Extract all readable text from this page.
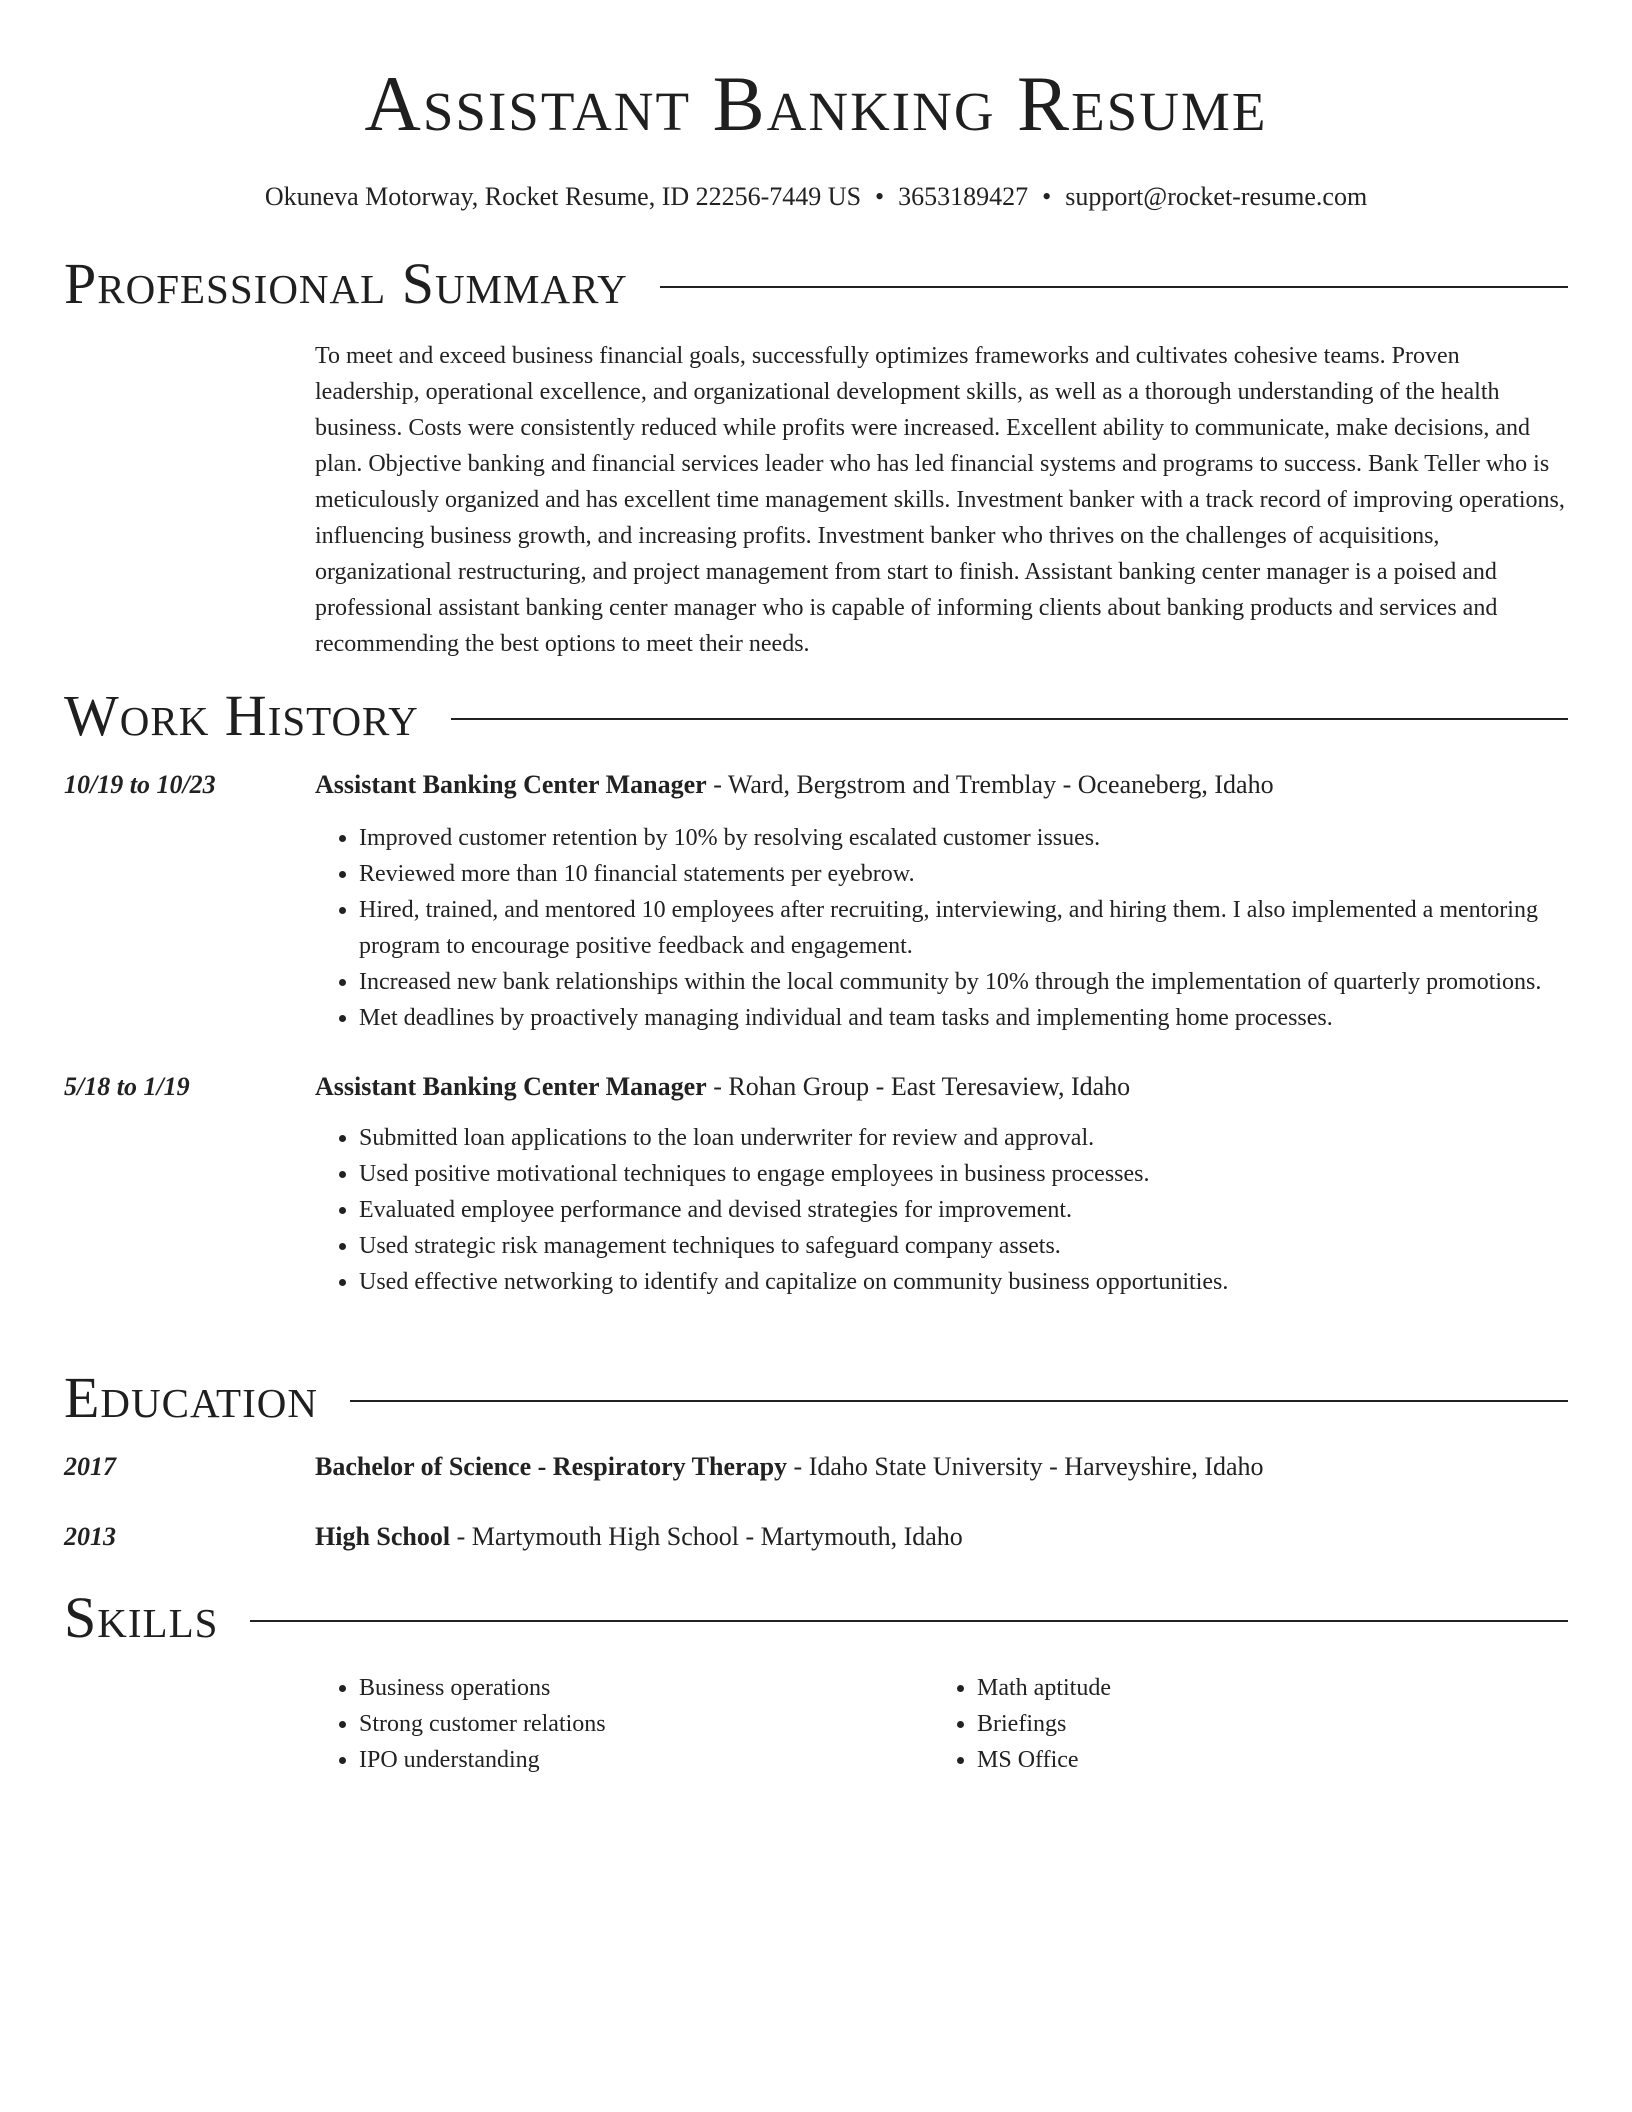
Assistant Banking Resume
Okuneva Motorway, Rocket Resume, ID 22256-7449 US • 3653189427 • support@rocket-resume.com
Professional Summary
To meet and exceed business financial goals, successfully optimizes frameworks and cultivates cohesive teams. Proven leadership, operational excellence, and organizational development skills, as well as a thorough understanding of the health business. Costs were consistently reduced while profits were increased. Excellent ability to communicate, make decisions, and plan. Objective banking and financial services leader who has led financial systems and programs to success. Bank Teller who is meticulously organized and has excellent time management skills. Investment banker with a track record of improving operations, influencing business growth, and increasing profits. Investment banker who thrives on the challenges of acquisitions, organizational restructuring, and project management from start to finish. Assistant banking center manager is a poised and professional assistant banking center manager who is capable of informing clients about banking products and services and recommending the best options to meet their needs.
Work History
10/19 to 10/23	Assistant Banking Center Manager - Ward, Bergstrom and Tremblay - Oceaneberg, Idaho
• Improved customer retention by 10% by resolving escalated customer issues.
• Reviewed more than 10 financial statements per eyebrow.
• Hired, trained, and mentored 10 employees after recruiting, interviewing, and hiring them. I also implemented a mentoring program to encourage positive feedback and engagement.
• Increased new bank relationships within the local community by 10% through the implementation of quarterly promotions.
• Met deadlines by proactively managing individual and team tasks and implementing home processes.
5/18 to 1/19	Assistant Banking Center Manager - Rohan Group - East Teresaview, Idaho
• Submitted loan applications to the loan underwriter for review and approval.
• Used positive motivational techniques to engage employees in business processes.
• Evaluated employee performance and devised strategies for improvement.
• Used strategic risk management techniques to safeguard company assets.
• Used effective networking to identify and capitalize on community business opportunities.
Education
2017	Bachelor of Science - Respiratory Therapy - Idaho State University - Harveyshire, Idaho
2013	High School - Martymouth High School - Martymouth, Idaho
Skills
• Business operations
• Strong customer relations
• IPO understanding
• Math aptitude
• Briefings
• MS Office
